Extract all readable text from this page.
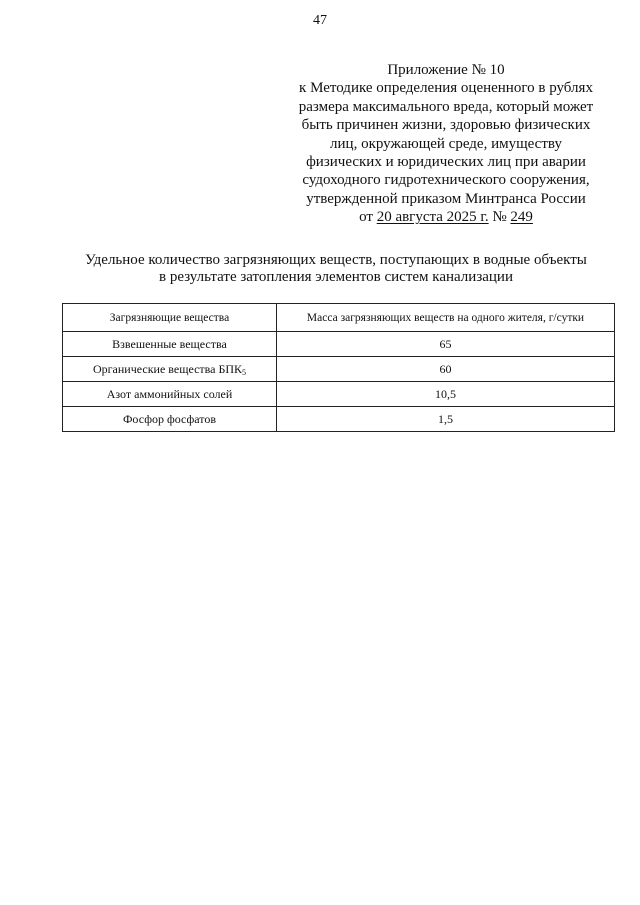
47
Приложение № 10
к Методике определения оцененного в рублях
размера максимального вреда, который может
быть причинен жизни, здоровью физических
лиц, окружающей среде, имуществу
физических и юридических лиц при аварии
судоходного гидротехнического сооружения,
утвержденной приказом Минтранса России
от 20 августа 2025 г. № 249
Удельное количество загрязняющих веществ, поступающих в водные объекты
в результате затопления элементов систем канализации
Загрязняющие вещества	Масса загрязняющих веществ на одного жителя, г/сутки
Взвешенные вещества	65
Органические вещества $БПК_5$	60
Азот аммонийных солей	10,5
Фосфор фосфатов	1,5
